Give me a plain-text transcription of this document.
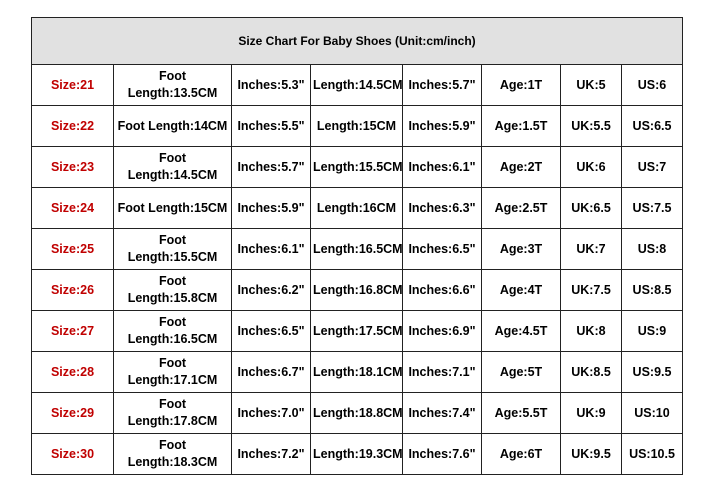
Size Chart For Baby Shoes (Unit:cm/inch)							
Size:21	Foot Length:13.5CM	Inches:5.3"	Length:14.5CM	Inches:5.7"	Age:1T	UK:5	US:6
Size:22	Foot Length:14CM	Inches:5.5"	Length:15CM	Inches:5.9"	Age:1.5T	UK:5.5	US:6.5
Size:23	Foot Length:14.5CM	Inches:5.7"	Length:15.5CM	Inches:6.1"	Age:2T	UK:6	US:7
Size:24	Foot Length:15CM	Inches:5.9"	Length:16CM	Inches:6.3"	Age:2.5T	UK:6.5	US:7.5
Size:25	Foot Length:15.5CM	Inches:6.1"	Length:16.5CM	Inches:6.5"	Age:3T	UK:7	US:8
Size:26	Foot Length:15.8CM	Inches:6.2"	Length:16.8CM	Inches:6.6"	Age:4T	UK:7.5	US:8.5
Size:27	Foot Length:16.5CM	Inches:6.5"	Length:17.5CM	Inches:6.9"	Age:4.5T	UK:8	US:9
Size:28	Foot Length:17.1CM	Inches:6.7"	Length:18.1CM	Inches:7.1"	Age:5T	UK:8.5	US:9.5
Size:29	Foot Length:17.8CM	Inches:7.0"	Length:18.8CM	Inches:7.4"	Age:5.5T	UK:9	US:10
Size:30	Foot Length:18.3CM	Inches:7.2"	Length:19.3CM	Inches:7.6"	Age:6T	UK:9.5	US:10.5
